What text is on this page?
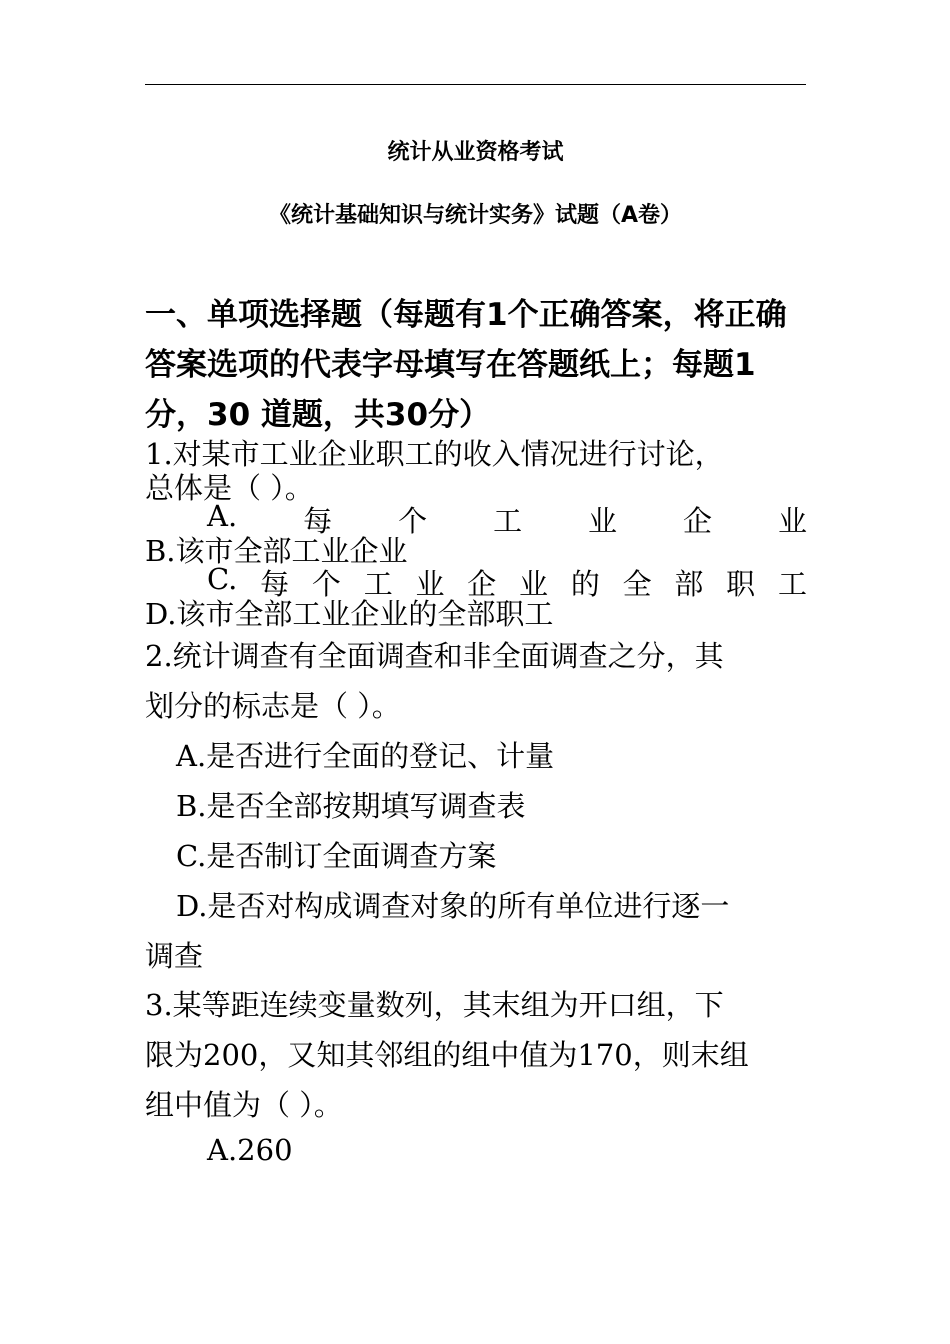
统计从业资格考试
《统计基础知识与统计实务》试题（A卷）
一、单项选择题（每题有1个正确答案，将正确答案选项的代表字母填写在答题纸上；每题1分，30 道题，共30分）
1.对某市工业企业职工的收入情况进行讨论，
总体是（ ）。
A. 每 个 工 业 企 业
B.该市全部工业企业
C. 每 个 工 业 企 业 的 全 部 职 工
D.该市全部工业企业的全部职工
2.统计调查有全面调查和非全面调查之分，其
划分的标志是（ ）。
A.是否进行全面的登记、计量
B.是否全部按期填写调查表
C.是否制订全面调查方案
D.是否对构成调查对象的所有单位进行逐一
调查
3.某等距连续变量数列，其末组为开口组，下
限为200，又知其邻组的组中值为170，则末组
组中值为（ ）。
A.260
